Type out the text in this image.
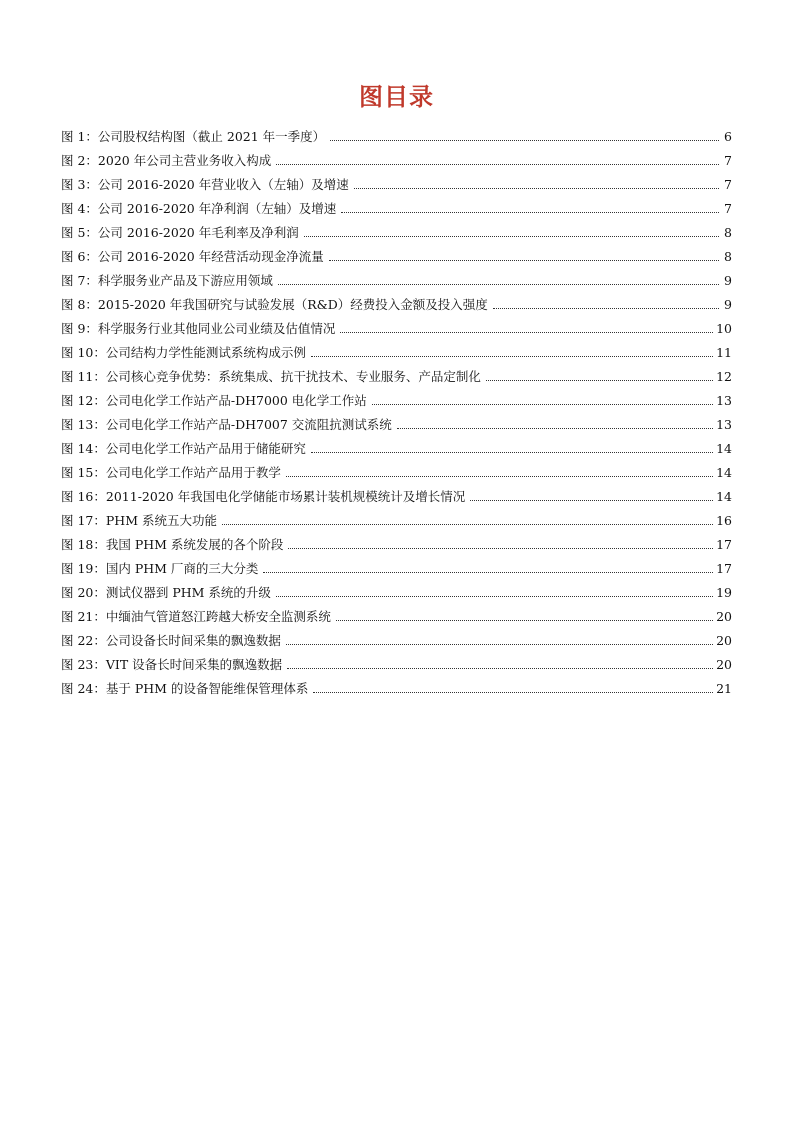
图目录
图 1：公司股权结构图（截止 2021 年一季度）	6
图 2：2020 年公司主营业务收入构成	7
图 3：公司 2016-2020 年营业收入（左轴）及增速	7
图 4：公司 2016-2020 年净利润（左轴）及增速	7
图 5：公司 2016-2020 年毛利率及净利润	8
图 6：公司 2016-2020 年经营活动现金净流量	8
图 7：科学服务业产品及下游应用领域	9
图 8：2015-2020 年我国研究与试验发展（R&D）经费投入金额及投入强度	9
图 9：科学服务行业其他同业公司业绩及估值情况	10
图 10：公司结构力学性能测试系统构成示例	11
图 11：公司核心竞争优势：系统集成、抗干扰技术、专业服务、产品定制化	12
图 12：公司电化学工作站产品-DH7000 电化学工作站	13
图 13：公司电化学工作站产品-DH7007 交流阻抗测试系统	13
图 14：公司电化学工作站产品用于储能研究	14
图 15：公司电化学工作站产品用于教学	14
图 16：2011-2020 年我国电化学储能市场累计装机规模统计及增长情况	14
图 17：PHM 系统五大功能	16
图 18：我国 PHM 系统发展的各个阶段	17
图 19：国内 PHM 厂商的三大分类	17
图 20：测试仪器到 PHM 系统的升级	19
图 21：中缅油气管道怒江跨越大桥安全监测系统	20
图 22：公司设备长时间采集的飘逸数据	20
图 23：VIT 设备长时间采集的飘逸数据	20
图 24：基于 PHM 的设备智能维保管理体系	21
